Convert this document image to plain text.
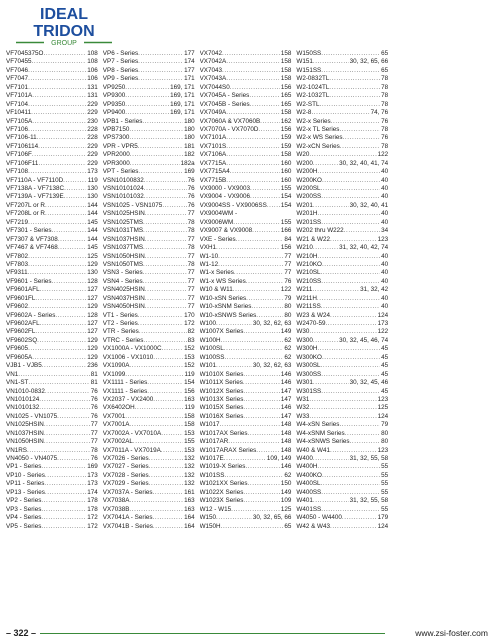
IDEAL
TRIDON
GROUP
VF7045375O .....	108
VF70455 .....	108
VF7046 .....	106
VF7047 .....	106
VF7101 .....	131
VF7101A .....	131
VF7104 .....	229
VF10411 .....	229
VF7105A .....	230
VF7106 .....	228
VF7106-11 .....	228
VF7106114 .....	229
VF7106F .....	229
VF7106F11 .....	229
VF7108 .....	173
VF7110A - VF7110D .....	119
VF7138A - VF7138C .....	130
VF7139A - VF7139E .....	130
VF7207L or R .....	144
VF7208L or R .....	144
VF7219 .....	145
VF7301 - Series .....	144
VF7307 & VF7308 .....	144
VF7467 & VF7468 .....	145
VF7802 .....	125
VF7803 .....	129
VF9311 .....	130
VF9601 - Series .....	128
VF9601AFL .....	127
VF9601FL .....	127
VF9602 .....	129
VF9602A - Series .....	128
VF9602AFL .....	127
VF9602FL .....	127
VF9602SQ .....	129
VF9605 .....	129
VF9605A .....	129
VJB1 - VJB5 .....	236
VN1 .....	81
VN1-ST .....	81
VN1010-0832 .....	76
VN1010124 .....	76
VN1010132 .....	76
VN1025 - VN1075 .....	76
VN1025HSIN .....	77
VN1037HSIN .....	77
VN1050HSIN .....	77
VN1RS .....	78
VN4050 - VN4075 .....	76
VP1 - Series .....	169
VP10 - Series .....	173
VP11 - Series .....	173
VP13 - Series .....	174
VP2 - Series .....	178
VP3 - Series .....	178
VP4 - Series .....	172
VP5 - Series .....	172
VP6 - Series .....	177
VP7 - Series .....	174
VP8 - Series .....	177
VP9 - Series .....	171
VP9250 .....	169, 171
VP9300 .....	169, 171
VP9350 .....	169, 171
VP9400 .....	169, 171
VPB1 - Series .....	180
VPB7150 .....	180
VPS7300 .....	180
VPR - VPR5 .....	181
VPR2000 .....	182
VPR3000 .....	182a
VPT - Series .....	169
VSN10100832 .....	76
VSN10101024 .....	76
VSN10101032 .....	76
VSN1025 - VSN1075 .....	76
VSN1025HSIN .....	77
VSN1025TMS .....	78
VSN1031TMS .....	78
VSN1037HSIN .....	77
VSN1037TMS .....	78
VSN1050HSIN .....	77
VSN1050TMS .....	78
VSN3 - Series .....	77
VSN4 - Series .....	77
VSN4025HSIN .....	77
VSN4037HSIN .....	77
VSN4050HSIN .....	77
VT1 - Series .....	170
VT2 - Series .....	172
VTR - Series .....	82
VTRC - Series .....	83
VX1000A - VX1000C .....	152
VX1006 - VX1010 .....	153
VX1090A .....	152
VX1099 .....	119
VX1111 - Series .....	154
VX1111 - Series .....	156
VX2037 - VX2400 .....	163
VX6402OH .....	119
VX7001 .....	158
VX7001A .....	158
VX7002A - VX7010A .....	153
VX7002AL .....	155
VX7011A - VX7019A .....	153
VX7026 - Series .....	132
VX7027 - Series .....	132
VX7028 - Series .....	132
VX7029 - Series .....	132
VX7037A - Series .....	161
VX7038A .....	163
VX7038B .....	163
VX7041A - Series .....	164
VX7041B - Series .....	164
VX7042 .....	158
VX7042A .....	158
VX7043 .....	158
VX7043A .....	158
VX7044S0 .....	156
VX7045A - Series .....	165
VX7045B - Series .....	165
VX7049A .....	158
VX7060A & VX7060B .....	162
VX7070A - VX7070D .....	156
VX7101A .....	159
VX7101S .....	159
VX7106A .....	158
VX7715A .....	160
VX7715A4 .....	160
VX7715B .....	160
VX9000 - VX9003 .....	155
VX9004 - VX9006 .....	154
VX9004SS - VX9006SS ..... 154
VX9004WM -
VX9006WM .....	155
VX9007 & VX9008 .....	166
VXE - Series .....	84
VXH1 .....	156
W1-10 .....	77
W1-12 .....	77
W1-x Series .....	77
W1-x WS Series .....	76
W10 & W11 .....	122
W10-xSN Series .....	79
W10-xSNM Series .....	80
W10-xSNWS Series .....	80
W100 .....	30, 32, 62, 63
W1007X Series .....	149
W100H .....	62
W100SL .....	62
W100SS .....	62
W101 .....	30, 32, 62, 63
W1010X Series .....	146
W1011X Series .....	146
W1012X Series .....	147
W1013X Series .....	147
W1015X Series .....	146
W1016X Series .....	147
W1017 .....	148
W1017AX Series .....	148
W1017AR .....	148
W1017ARAX Series .....	148
W1017E .....	109, 149
W1019-X Series .....	146
W101SS .....	62
W1021XX Series .....	150
W1022X Series .....	149
W1023X Series .....	109
W12 - W15 .....	125
W150 .....	30, 32, 65, 66
W150H .....	65
W150SS .....	65
W151 .....	30, 32, 65, 66
W151SS .....	65
W2-0832TL .....	78
W2-1024TL .....	78
W2-1032TL .....	78
W2-STL .....	78
W2-8 .....	74, 76
W2-x Series .....	76
W2-x TL Series .....	78
W2-x WS Series .....	76
W2-xCN Series .....	78
W20 .....	122
W200 .....	30, 32, 40, 41, 74
W200H .....	40
W200KO .....	40
W200SL .....	40
W200SS .....	40
W201 .....	30, 32, 40, 41
W201H .....	40
W201SS .....	40
W202 thru W222 .....	34
W21 & W22 .....	123
W210 .....	31, 32, 40, 42, 74
W210H .....	40
W210KO .....	40
W210SL .....	40
W210SS .....	40
W211 .....	31, 32, 42
W211H .....	40
W211SS .....	40
W23 & W24 .....	124
W2470-59 .....	173
W30 .....	122
W300 .....	30, 32, 45, 46, 74
W300H .....	45
W300KO .....	45
W300SL .....	45
W300SS .....	45
W301 .....	30, 32, 45, 46
W301SS .....	45
W31 .....	123
W32 .....	125
W33 .....	124
W4-xSN Series .....	79
W4-xSNM Series .....	80
W4-xSNWS Series .....	80
W40 & W41 .....	123
W400 .....	31, 32, 55, 58
W400H .....	55
W400KO .....	55
W400SL .....	55
W400SS .....	55
W401 .....	31, 32, 55, 58
W401SS .....	55
W4050 - W4400 .....	179
W42 & W43 .....	124
– 322 –	www.zsi-foster.com
